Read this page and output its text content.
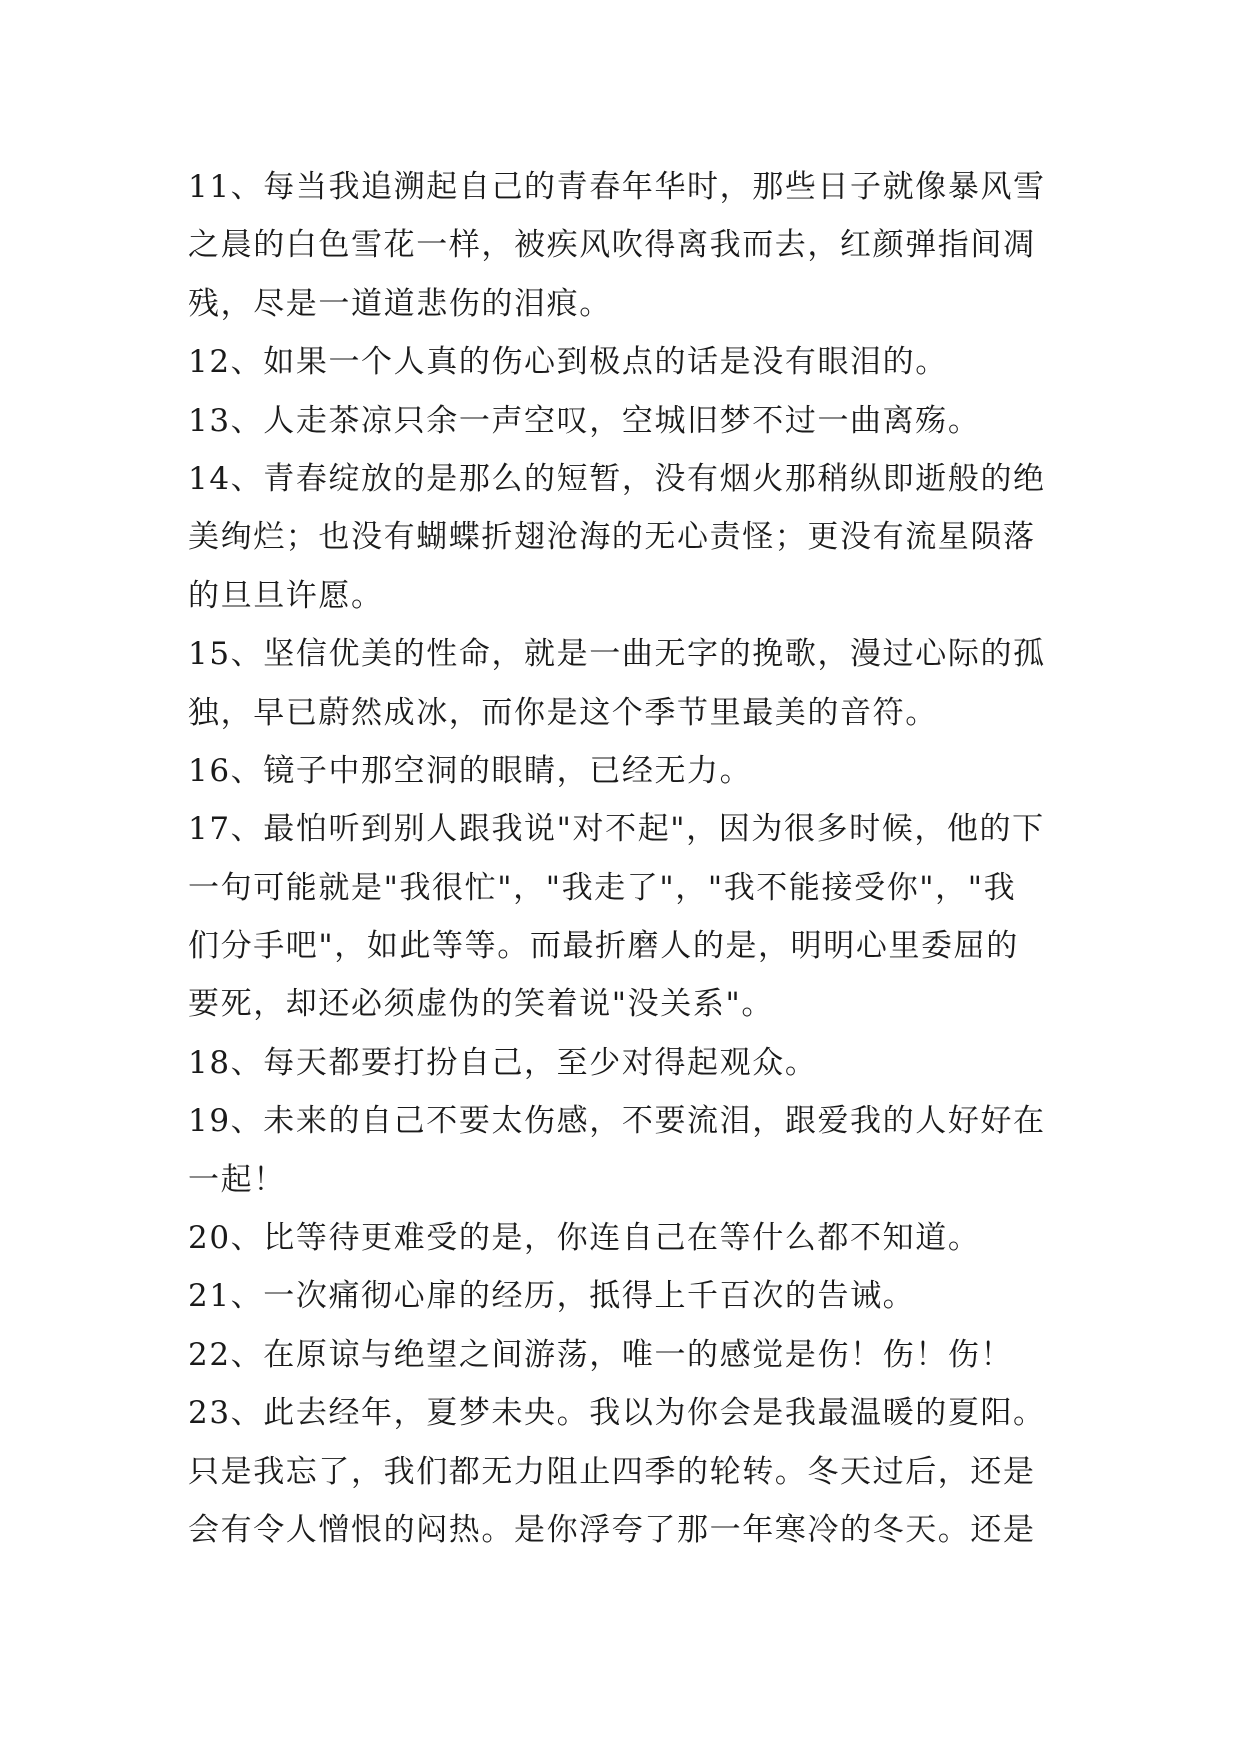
11、每当我追溯起自己的青春年华时，那些日子就像暴风雪
之晨的白色雪花一样，被疾风吹得离我而去，红颜弹指间凋
残，尽是一道道悲伤的泪痕。
12、如果一个人真的伤心到极点的话是没有眼泪的。
13、人走茶凉只余一声空叹，空城旧梦不过一曲离殇。
14、青春绽放的是那么的短暂，没有烟火那稍纵即逝般的绝
美绚烂；也没有蝴蝶折翅沧海的无心责怪；更没有流星陨落
的旦旦许愿。
15、坚信优美的性命，就是一曲无字的挽歌，漫过心际的孤
独，早已蔚然成冰，而你是这个季节里最美的音符。
16、镜子中那空洞的眼睛，已经无力。
17、最怕听到别人跟我说"对不起"，因为很多时候，他的下
一句可能就是"我很忙"，"我走了"，"我不能接受你"，"我
们分手吧"，如此等等。而最折磨人的是，明明心里委屈的
要死，却还必须虚伪的笑着说"没关系"。
18、每天都要打扮自己，至少对得起观众。
19、未来的自己不要太伤感，不要流泪，跟爱我的人好好在
一起！
20、比等待更难受的是，你连自己在等什么都不知道。
21、一次痛彻心扉的经历，抵得上千百次的告诫。
22、在原谅与绝望之间游荡，唯一的感觉是伤！伤！伤！
23、此去经年，夏梦未央。我以为你会是我最温暖的夏阳。
只是我忘了，我们都无力阻止四季的轮转。冬天过后，还是
会有令人憎恨的闷热。是你浮夸了那一年寒冷的冬天。还是
